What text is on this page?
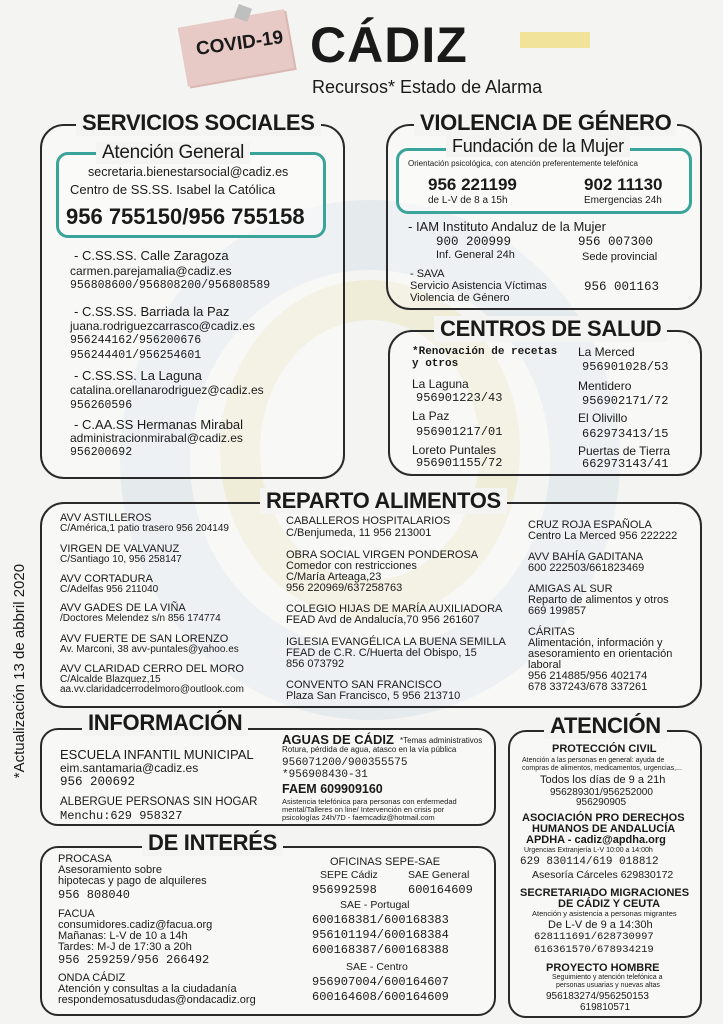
COVID-19 CÁDIZ
Recursos* Estado de Alarma
*Actualización 13 de abbril 2020
SERVICIOS SOCIALES
Atención General
secretaria.bienestarsocial@cadiz.es
Centro de SS.SS. Isabel la Católica
956 755150/956 755158
- C.SS.SS. Calle Zaragoza
carmen.parejamalia@cadiz.es
956808600/956808200/956808589
- C.SS.SS. Barriada la Paz
juana.rodriguezcarrasco@cadiz.es
956244162/956200676
956244401/956254601
- C.SS.SS. La Laguna
catalina.orellanarodriguez@cadiz.es
956260596
- C.AA.SS Hermanas Mirabal
administracionmirabal@cadiz.es
956200692
VIOLENCIA DE GÉNERO
Fundación de la Mujer
Orientación psicológica, con atención preferentemente telefónica
956 221199
de L-V de 8 a 15h
902 11130
Emergencias 24h
- IAM Instituto Andaluz de la Mujer
900 200999
Inf. General 24h
956 007300
Sede provincial
- SAVA
Servicio Asistencia Víctimas
Violencia de Género
956 001163
CENTROS DE SALUD
*Renovación de recetas y otros
La Laguna
956901223/43
La Paz
956901217/01
Loreto Puntales
956901155/72
La Merced
956901028/53
Mentidero
956902171/72
El Olivillo
662973413/15
Puertas de Tierra
662973143/41
REPARTO ALIMENTOS
AVV ASTILLEROS
C/América,1 patio trasero 956 204149
VIRGEN DE VALVANUZ
C/Santiago 10, 956 258147
AVV CORTADURA
C/Adelfas 956 211040
AVV GADES DE LA VIÑA
/Doctores Melendez s/n 856 174774
AVV FUERTE DE SAN LORENZO
Av. Marconi, 38 avv-puntales@yahoo.es
AVV CLARIDAD CERRO DEL MORO
C/Alcalde Blazquez,15
aa.vv.claridadcerrodelmoro@outlook.com
CABALLEROS HOSPITALARIOS
C/Benjumeda, 11 956 213001
OBRA SOCIAL VIRGEN PONDEROSA
Comedor con restricciones
C/María Arteaga,23
956 220969/637258763
COLEGIO HIJAS DE MARÍA AUXILIADORA
FEAD Avd de Andalucía,70 956 261607
IGLESIA EVANGÉLICA LA BUENA SEMILLA
FEAD de C.R. C/Huerta del Obispo, 15
856 073792
CONVENTO SAN FRANCISCO
Plaza San Francisco, 5 956 213710
CRUZ ROJA ESPAÑOLA
Centro La Merced 956 222222
AVV BAHÍA GADITANA
600 222503/661823469
AMIGAS AL SUR
Reparto de alimentos y otros
669 199857
CÁRITAS
Alimentación, información y
asesoramiento en orientación
laboral
956 214885/956 402174
678 337243/678 337261
INFORMACIÓN
ESCUELA INFANTIL MUNICIPAL
eim.santamaria@cadiz.es
956 200692
ALBERGUE PERSONAS SIN HOGAR
Menchu:629 958327
AGUAS DE CÁDIZ *Temas administrativos
Rotura, pérdida de agua, atasco en la vía pública
956071200/900355575
*956908430-31
FAEM 609909160
Asistencia telefónica para personas con enfermedad
mental/Talleres on line/ Intervención en crisis por
psicologías 24h/7D - faemcadiz@hotmail.com
DE INTERÉS
PROCASA
Asesoramiento sobre
hipotecas y pago de alquileres
956 808040
FACUA
consumidores.cadiz@facua.org
Mañanas: L-V de 10 a 14h
Tardes: M-J de 17:30 a 20h
956 259259/956 266492
ONDA CÁDIZ
Atención y consultas a la ciudadanía
respondemosatusdudas@ondacadiz.org
OFICINAS SEPE-SAE
SEPE Cádiz
956992598
SAE General
600164609
SAE - Portugal
600168381/600168383
956101194/600168384
600168387/600168388
SAE - Centro
956907004/600164607
600164608/600164609
ATENCIÓN
PROTECCIÓN CIVIL
Atención a las personas en general: ayuda de
compras de alimentos, medicamentos, urgencias,...
Todos los días de 9 a 21h
956289301/956252000
956290905
ASOCIACIÓN PRO DERECHOS
HUMANOS DE ANDALUCÍA
APDHA - cadiz@apdha.org
Urgencias Extranjería L-V 10:00 a 14:00h
629 830114/619 018812
Asesoría Cárceles 629830172
SECRETARIADO MIGRACIONES
DE CÁDIZ Y CEUTA
Atención y asistencia a personas migrantes
De L-V de 9 a 14:30h
628111691/628730997
616361570/678934219
PROYECTO HOMBRE
Seguimiento y atención telefónica a
personas usuarias y nuevas altas
956183274/956250153
619810571
